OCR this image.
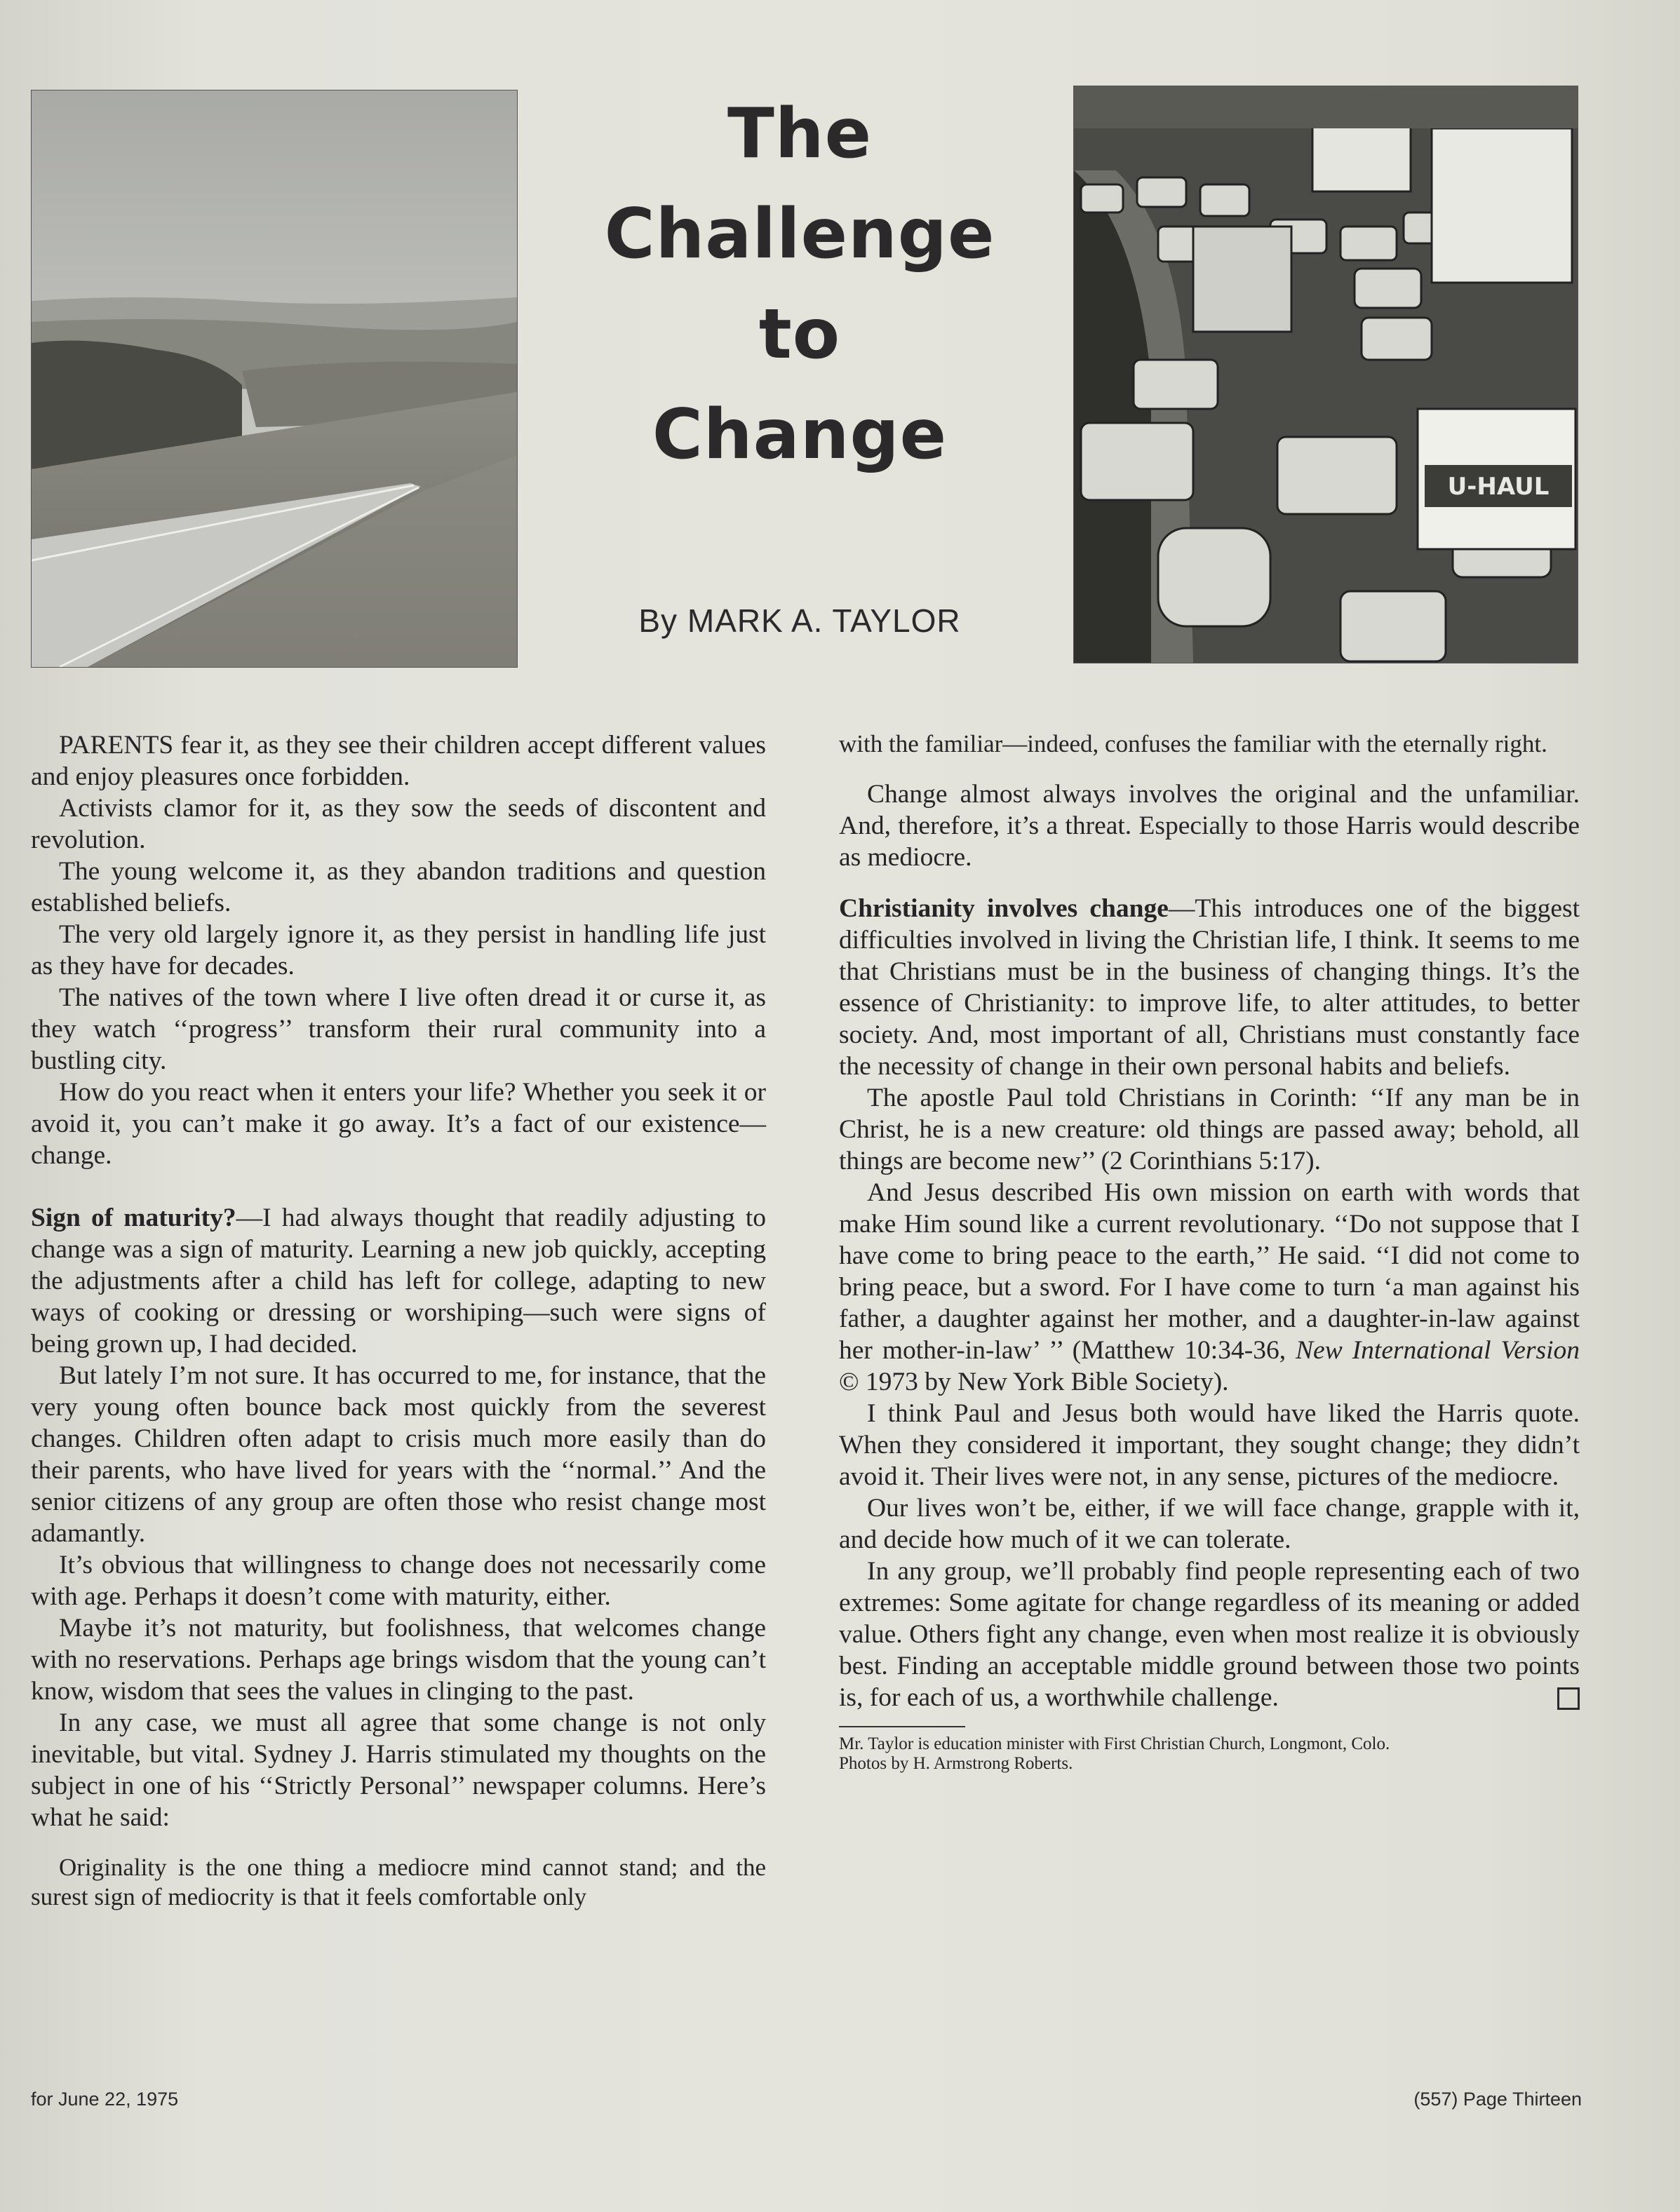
The
Challenge
to
Change
By MARK A. TAYLOR
U-HAUL

PARENTS fear it, as they see their children accept different values and enjoy pleasures once forbidden.

Activists clamor for it, as they sow the seeds of discontent and revolution.

The young welcome it, as they abandon traditions and question established beliefs.

The very old largely ignore it, as they persist in handling life just as they have for decades.

The natives of the town where I live often dread it or curse it, as they watch ‘‘progress’’ transform their rural community into a bustling city.

How do you react when it enters your life? Whether you seek it or avoid it, you can’t make it go away. It’s a fact of our existence—change.

Sign of maturity?—I had always thought that readily adjusting to change was a sign of maturity. Learning a new job quickly, accepting the adjustments after a child has left for college, adapting to new ways of cooking or dressing or worshiping—such were signs of being grown up, I had decided.

But lately I’m not sure. It has occurred to me, for instance, that the very young often bounce back most quickly from the severest changes. Children often adapt to crisis much more easily than do their parents, who have lived for years with the ‘‘normal.’’ And the senior citizens of any group are often those who resist change most adamantly.

It’s obvious that willingness to change does not necessarily come with age. Perhaps it doesn’t come with maturity, either.

Maybe it’s not maturity, but foolishness, that welcomes change with no reservations. Perhaps age brings wisdom that the young can’t know, wisdom that sees the values in clinging to the past.

In any case, we must all agree that some change is not only inevitable, but vital. Sydney J. Harris stimulated my thoughts on the subject in one of his ‘‘Strictly Personal’’ newspaper columns. Here’s what he said:

Originality is the one thing a mediocre mind cannot stand; and the surest sign of mediocrity is that it feels comfortable only

with the familiar—indeed, confuses the familiar with the eternally right.

Change almost always involves the original and the unfamiliar. And, therefore, it’s a threat. Especially to those Harris would describe as mediocre.

Christianity involves change—This introduces one of the biggest difficulties involved in living the Christian life, I think. It seems to me that Christians must be in the business of changing things. It’s the essence of Christianity: to improve life, to alter attitudes, to better society. And, most important of all, Christians must constantly face the necessity of change in their own personal habits and beliefs.

The apostle Paul told Christians in Corinth: ‘‘If any man be in Christ, he is a new creature: old things are passed away; behold, all things are become new’’ (2 Corinthians 5:17).

And Jesus described His own mission on earth with words that make Him sound like a current revolutionary. ‘‘Do not suppose that I have come to bring peace to the earth,’’ He said. ‘‘I did not come to bring peace, but a sword. For I have come to turn ‘a man against his father, a daughter against her mother, and a daughter-in-law against her mother-in-law’ ’’ (Matthew 10:34-36, New International Version © 1973 by New York Bible Society).

I think Paul and Jesus both would have liked the Harris quote. When they considered it important, they sought change; they didn’t avoid it. Their lives were not, in any sense, pictures of the mediocre.

Our lives won’t be, either, if we will face change, grapple with it, and decide how much of it we can tolerate.

In any group, we’ll probably find people representing each of two extremes: Some agitate for change regardless of its meaning or added value. Others fight any change, even when most realize it is obviously best. Finding an acceptable middle ground between those two points is, for each of us, a worthwhile challenge.

Mr. Taylor is education minister with First Christian Church, Longmont, Colo.

Photos by H. Armstrong Roberts.

for June 22, 1975	(557) Page Thirteen
